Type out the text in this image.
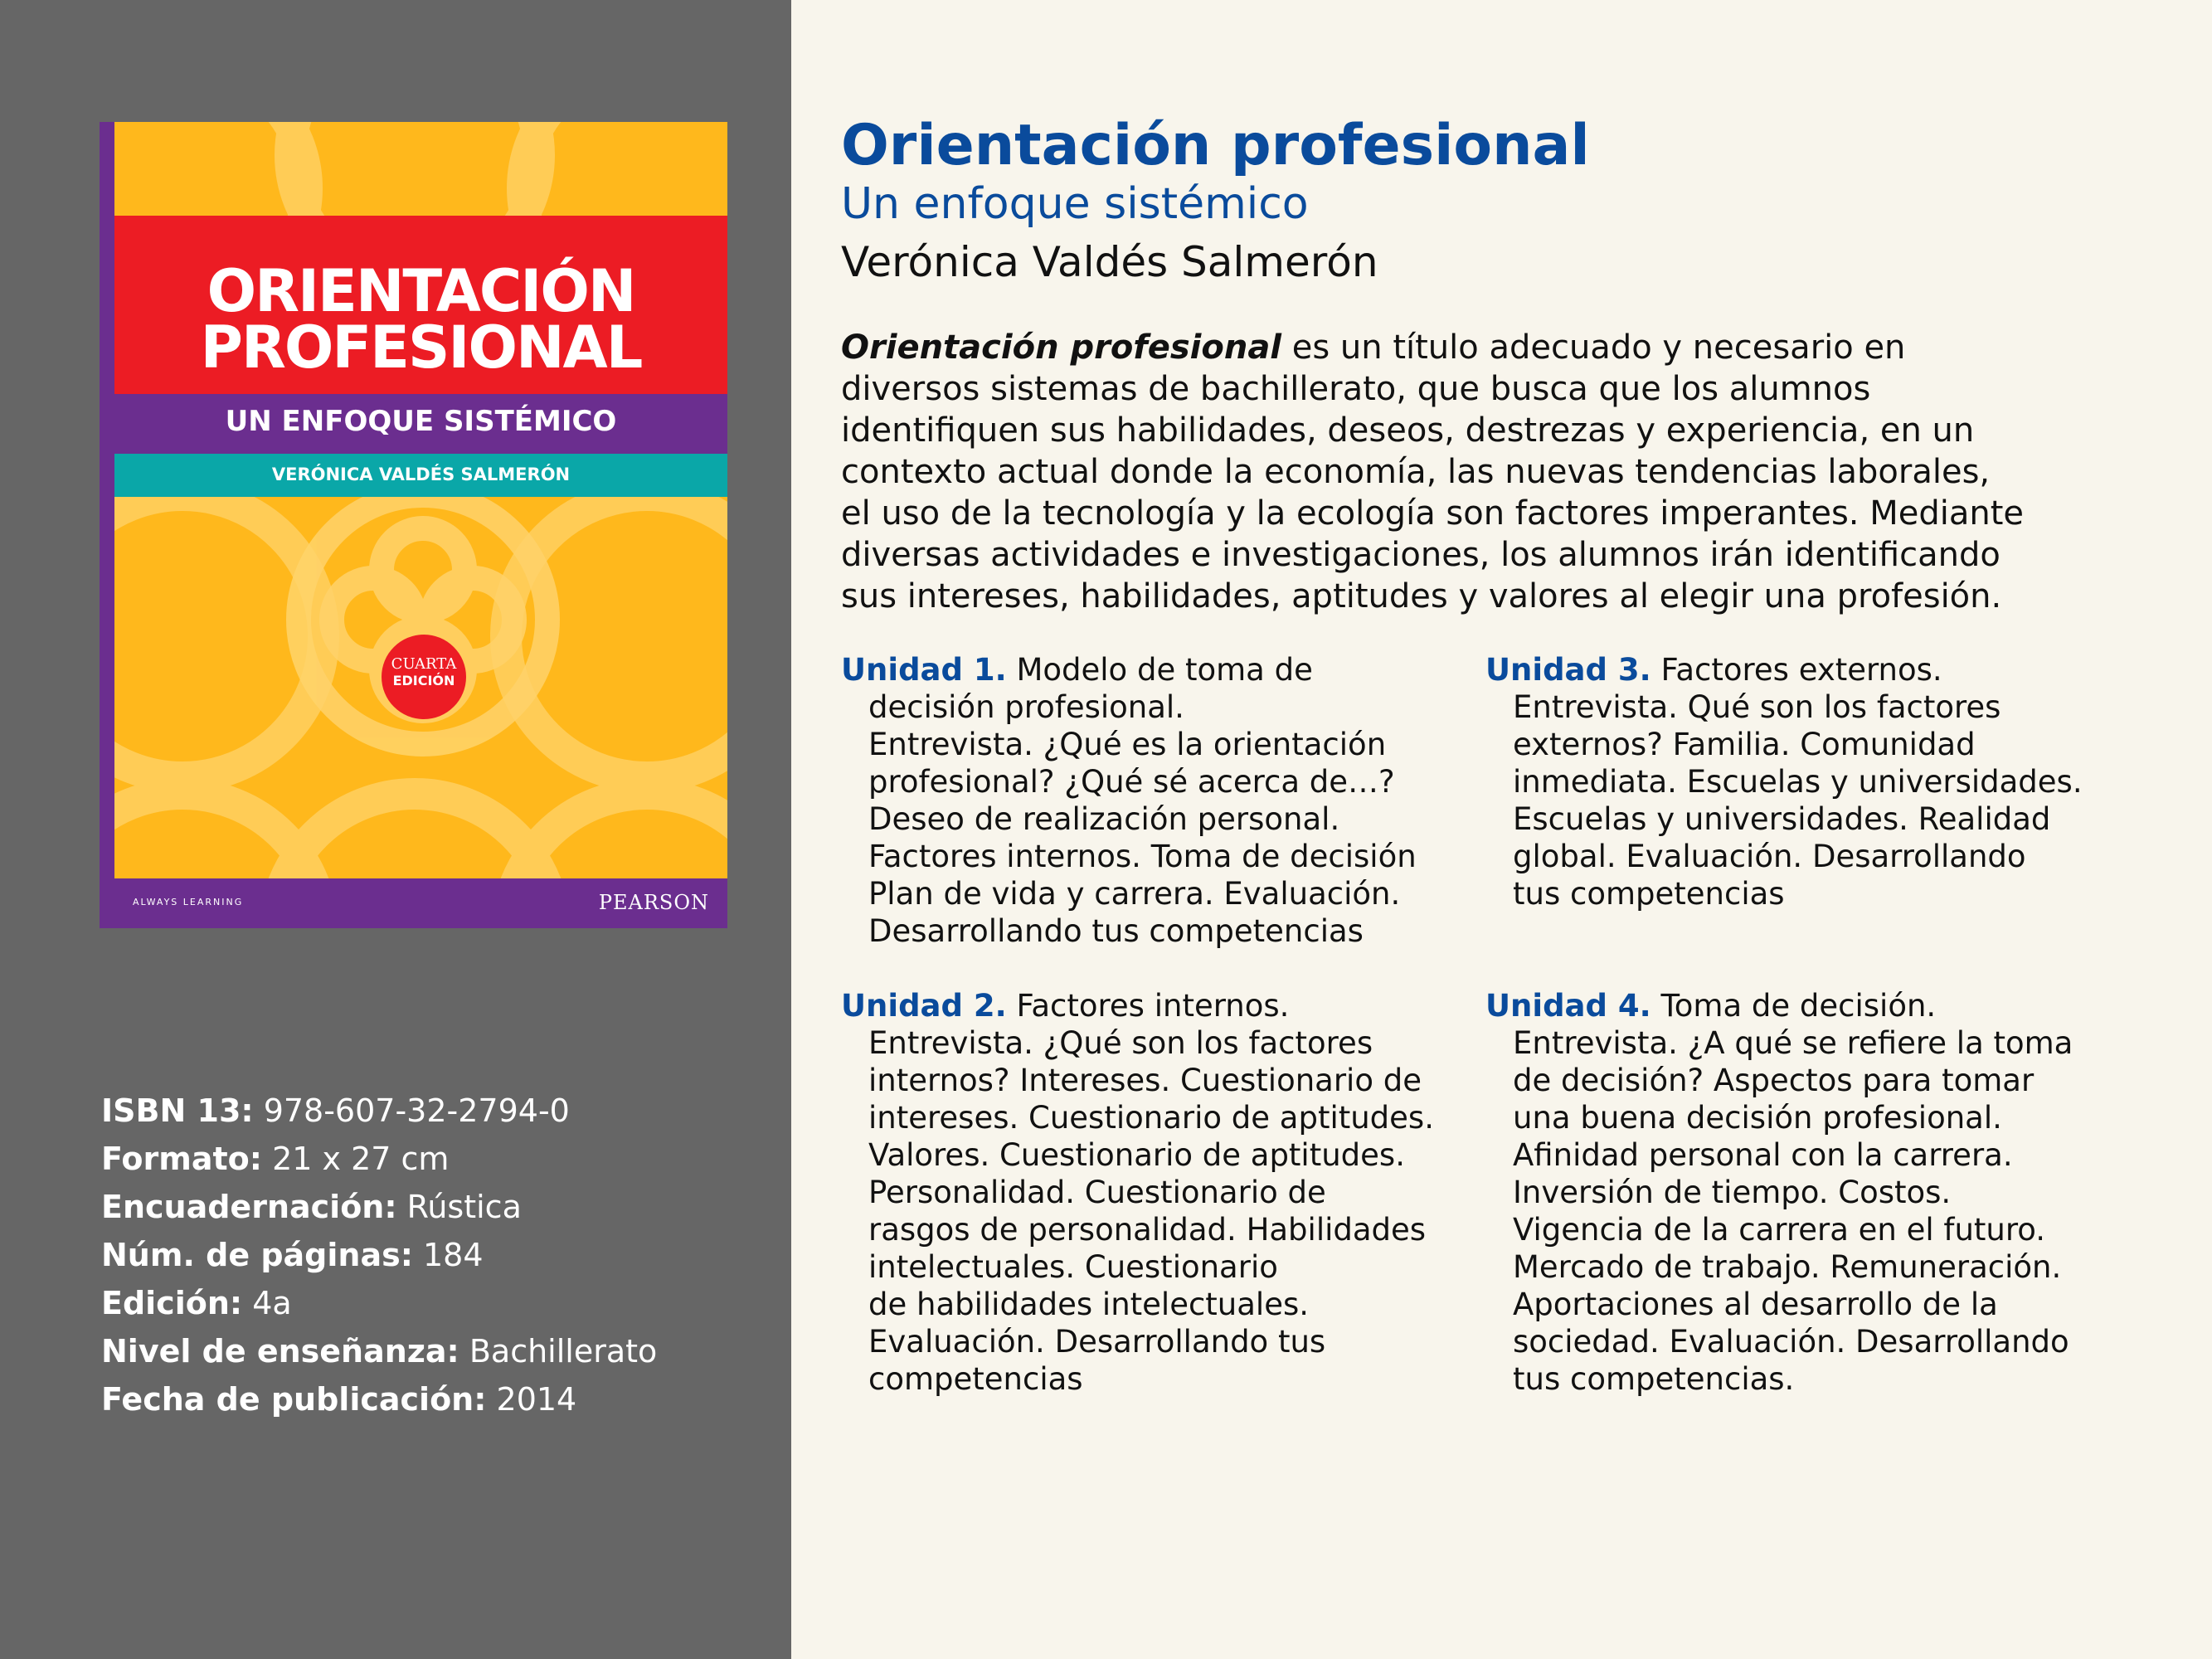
ORIENTACIÓN
PROFESIONAL
UN ENFOQUE SISTÉMICO
VERÓNICA VALDÉS SALMERÓN
CUARTA
EDICIÓN
ALWAYS LEARNING	PEARSON
ISBN 13: 978-607-32-2794-0
Formato: 21 x 27 cm
Encuadernación: Rústica
Núm. de páginas: 184
Edición: 4a
Nivel de enseñanza: Bachillerato
Fecha de publicación: 2014
Orientación profesional
Un enfoque sistémico
Verónica Valdés Salmerón
Orientación profesional es un título adecuado y necesario en
diversos sistemas de bachillerato, que busca que los alumnos
identifiquen sus habilidades, deseos, destrezas y experiencia, en un
contexto actual donde la economía, las nuevas tendencias laborales,
el uso de la tecnología y la ecología son factores imperantes. Mediante
diversas actividades e investigaciones, los alumnos irán identificando
sus intereses, habilidades, aptitudes y valores al elegir una profesión.
Unidad 1. Modelo de toma de
decisión profesional.
Entrevista. ¿Qué es la orientación
profesional? ¿Qué sé acerca de…?
Deseo de realización personal.
Factores internos. Toma de decisión
Plan de vida y carrera. Evaluación.
Desarrollando tus competencias
Unidad 3. Factores externos.
Entrevista. Qué son los factores
externos? Familia. Comunidad
inmediata. Escuelas y universidades.
Escuelas y universidades. Realidad
global. Evaluación. Desarrollando
tus competencias
Unidad 2. Factores internos.
Entrevista. ¿Qué son los factores
internos? Intereses. Cuestionario de
intereses. Cuestionario de aptitudes.
Valores. Cuestionario de aptitudes.
Personalidad. Cuestionario de
rasgos de personalidad. Habilidades
intelectuales. Cuestionario
de habilidades intelectuales.
Evaluación. Desarrollando tus
competencias
Unidad 4. Toma de decisión.
Entrevista. ¿A qué se refiere la toma
de decisión? Aspectos para tomar
una buena decisión profesional.
Afinidad personal con la carrera.
Inversión de tiempo. Costos.
Vigencia de la carrera en el futuro.
Mercado de trabajo. Remuneración.
Aportaciones al desarrollo de la
sociedad. Evaluación. Desarrollando
tus competencias.
